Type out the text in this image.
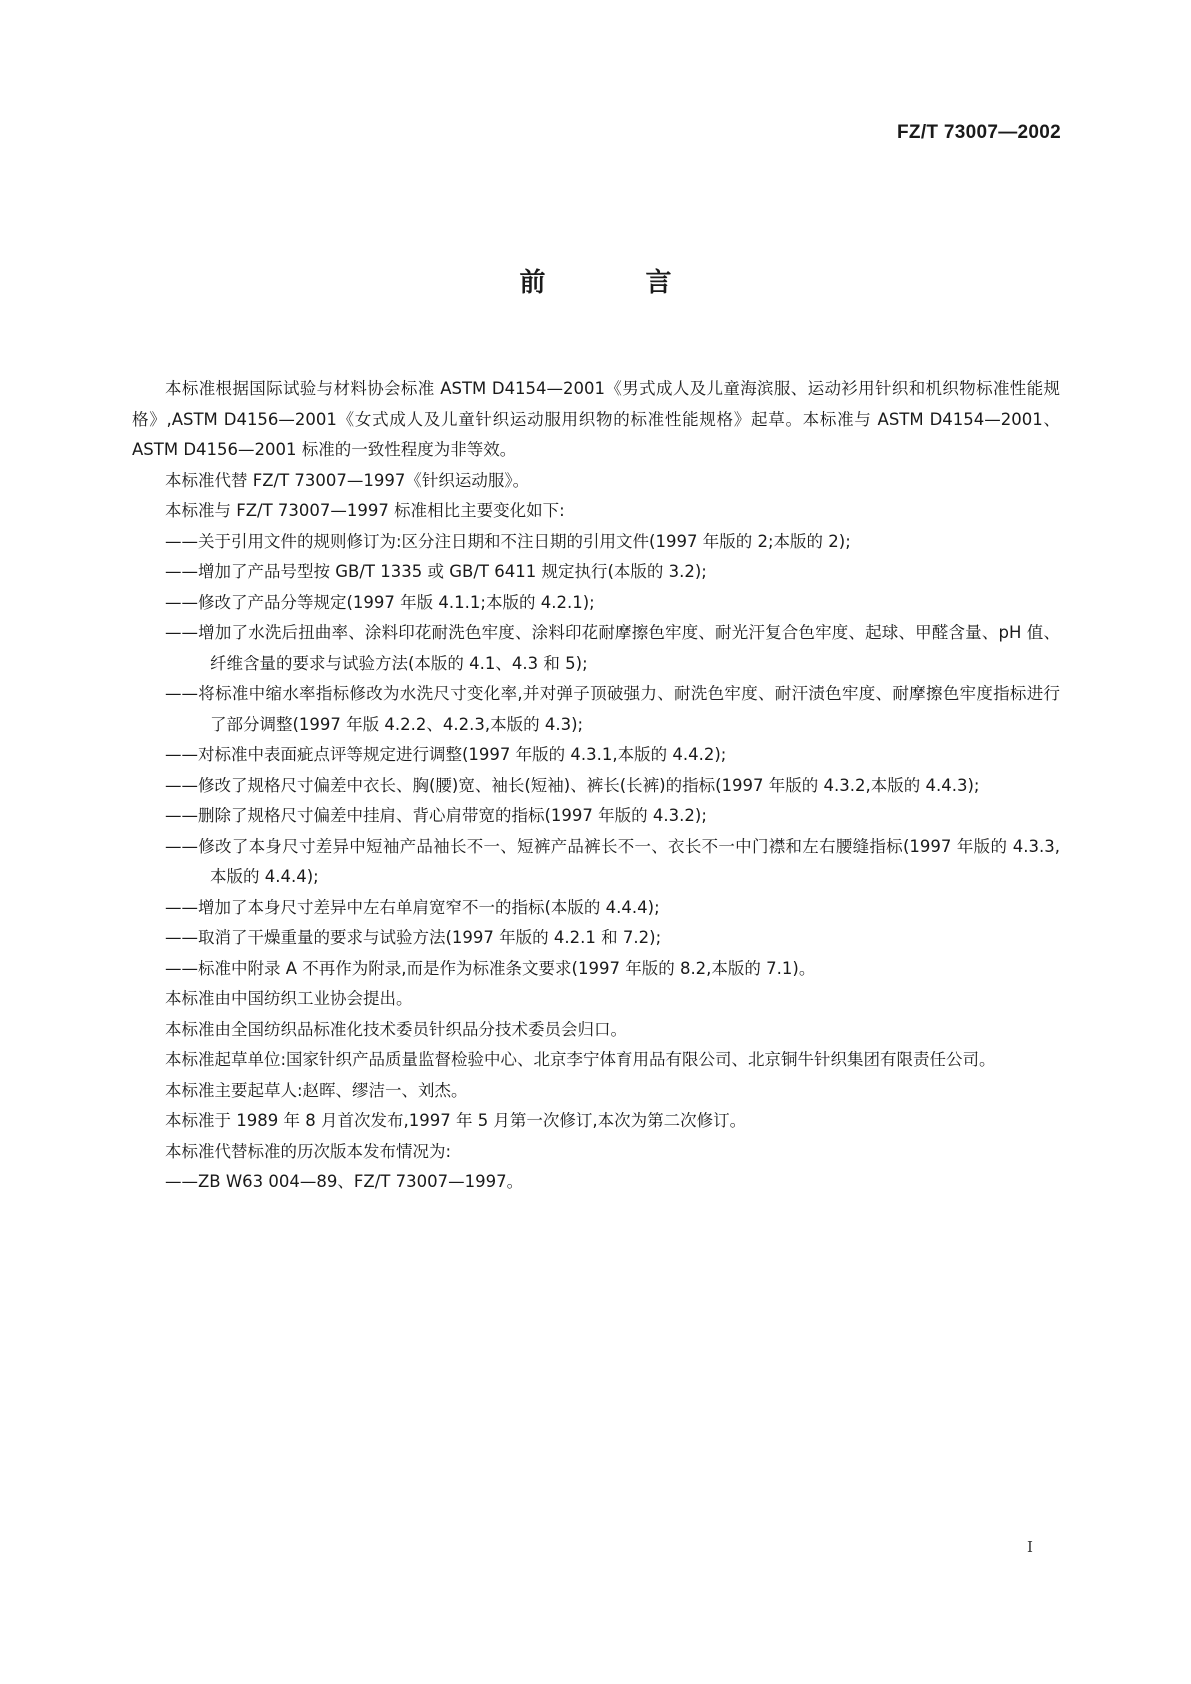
FZ/T 73007—2002
前	言

本标准根据国际试验与材料协会标准 ASTM D4154—2001《男式成人及儿童海滨服、运动衫用针织和机织物标准性能规格》,ASTM D4156—2001《女式成人及儿童针织运动服用织物的标准性能规格》起草。本标准与 ASTM D4154—2001、ASTM D4156—2001 标准的一致性程度为非等效。

本标准代替 FZ/T 73007—1997《针织运动服》。

本标准与 FZ/T 73007—1997 标准相比主要变化如下:

——关于引用文件的规则修订为:区分注日期和不注日期的引用文件(1997 年版的 2;本版的 2);

——增加了产品号型按 GB/T 1335 或 GB/T 6411 规定执行(本版的 3.2);

——修改了产品分等规定(1997 年版 4.1.1;本版的 4.2.1);

——增加了水洗后扭曲率、涂料印花耐洗色牢度、涂料印花耐摩擦色牢度、耐光汗复合色牢度、起球、甲醛含量、pH 值、纤维含量的要求与试验方法(本版的 4.1、4.3 和 5);

——将标准中缩水率指标修改为水洗尺寸变化率,并对弹子顶破强力、耐洗色牢度、耐汗渍色牢度、耐摩擦色牢度指标进行了部分调整(1997 年版 4.2.2、4.2.3,本版的 4.3);

——对标准中表面疵点评等规定进行调整(1997 年版的 4.3.1,本版的 4.4.2);

——修改了规格尺寸偏差中衣长、胸(腰)宽、袖长(短袖)、裤长(长裤)的指标(1997 年版的 4.3.2,本版的 4.4.3);

——删除了规格尺寸偏差中挂肩、背心肩带宽的指标(1997 年版的 4.3.2);

——修改了本身尺寸差异中短袖产品袖长不一、短裤产品裤长不一、衣长不一中门襟和左右腰缝指标(1997 年版的 4.3.3,本版的 4.4.4);

——增加了本身尺寸差异中左右单肩宽窄不一的指标(本版的 4.4.4);

——取消了干燥重量的要求与试验方法(1997 年版的 4.2.1 和 7.2);

——标准中附录 A 不再作为附录,而是作为标准条文要求(1997 年版的 8.2,本版的 7.1)。

本标准由中国纺织工业协会提出。

本标准由全国纺织品标准化技术委员针织品分技术委员会归口。

本标准起草单位:国家针织产品质量监督检验中心、北京李宁体育用品有限公司、北京铜牛针织集团有限责任公司。

本标准主要起草人:赵晖、缪洁一、刘杰。

本标准于 1989 年 8 月首次发布,1997 年 5 月第一次修订,本次为第二次修订。

本标准代替标准的历次版本发布情况为:

——ZB W63 004—89、FZ/T 73007—1997。

I
